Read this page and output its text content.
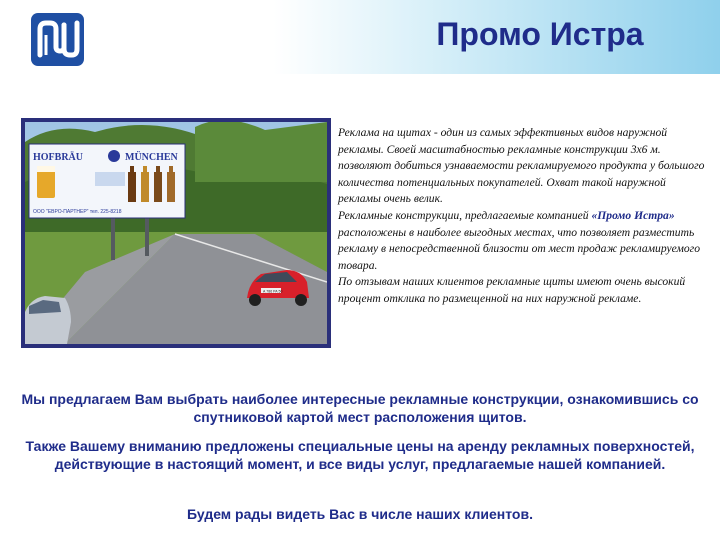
Промо Истра
HOFBRÄU	MÜNCHEN
ООО "ЕВРО-ПАРТНЕР" тел. 225-8218
А 786 РА 50
Реклама на щитах - один из самых эффективных видов наружной рекламы. Своей масштабностью рекламные конструкции 3х6 м. позволяют добиться узнаваемости рекламируемого продукта у большого количества потенциальных покупателей. Охват такой наружной рекламы очень велик.
Рекламные конструкции, предлагаемые компанией «Промо Истра» расположены в наиболее выгодных местах, что позволяет разместить рекламу в непосредственной близости от мест продаж рекламируемого товара.
По отзывам наших клиентов рекламные щиты имеют очень высокий процент отклика по размещенной на них наружной рекламе.
Мы предлагаем Вам выбрать наиболее интересные рекламные конструкции, ознакомившись со спутниковой картой мест расположения щитов.
Также Вашему вниманию предложены специальные цены на аренду рекламных поверхностей, действующие в настоящий момент, и все виды услуг, предлагаемые нашей компанией.
Будем рады видеть Вас в числе наших клиентов.
